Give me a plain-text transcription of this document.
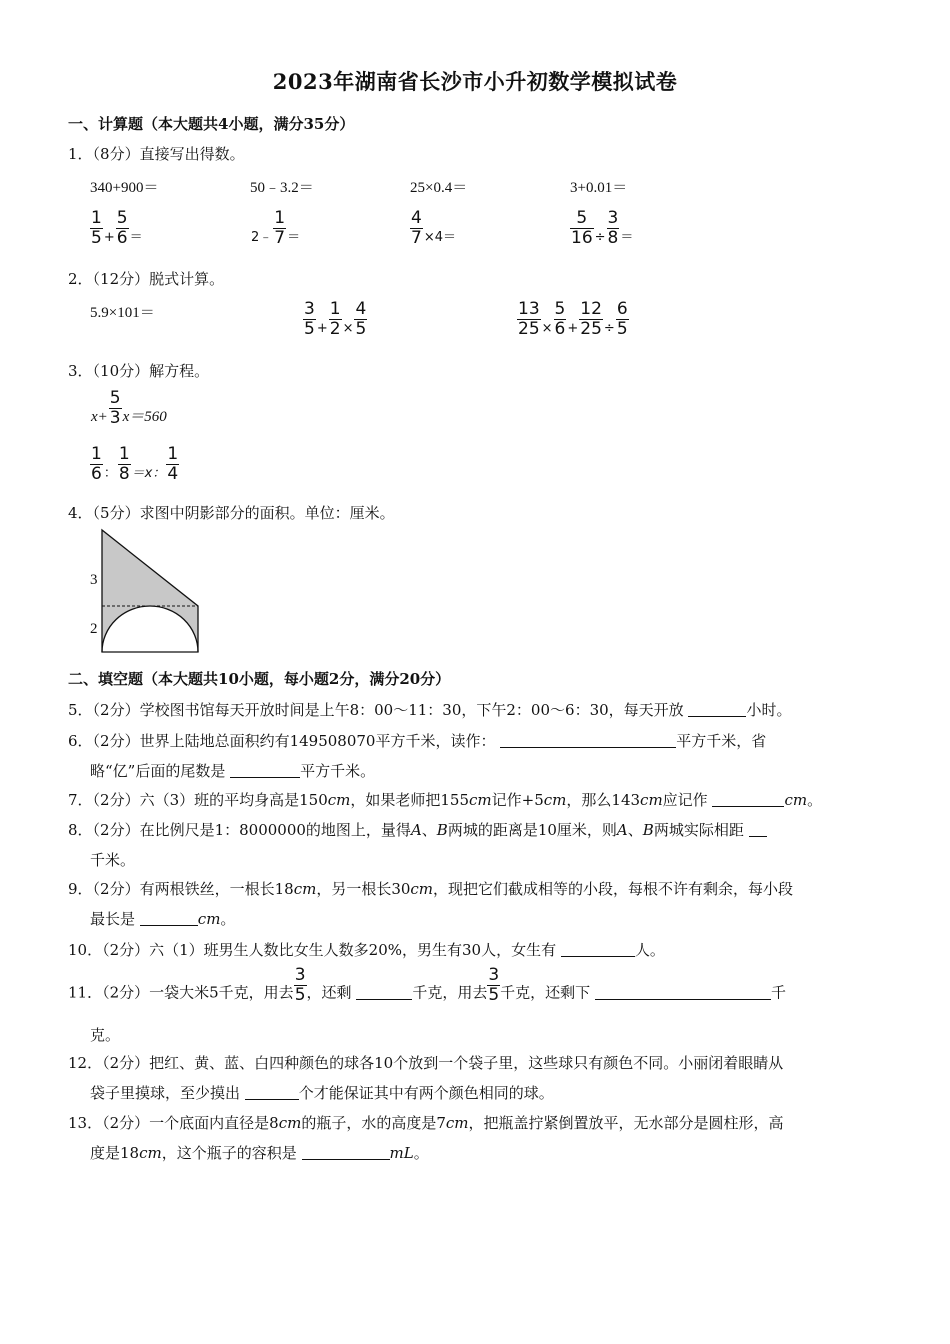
2023年湖南省长沙市小升初数学模拟试卷
一、计算题（本大题共4小题，满分35分）
1．（8分）直接写出得数。
340+900＝	50﹣3.2＝	25×0.4＝	3+0.01＝
$\frac{1}{5} + \frac{5}{6}$ ＝	2﹣ $\frac{1}{7}$ ＝	$\frac{4}{7} \times 4=$	$\frac{5}{16} \div \frac{3}{8}$ ＝
2．（12分）脱式计算。
5.9×101＝	$\frac{3}{5} + \frac{1}{2} \times \frac{4}{5}$	$\frac{13}{25} \times \frac{5}{6} + \frac{12}{25} \div \frac{6}{5}$
3．（10分）解方程。
$x+ \frac{5}{3} x=560$
$\frac{1}{6}$ ： $\frac{1}{8} =x$： $\frac{1}{4}$
4．（5分）求图中阴影部分的面积。单位：厘米。
3
2
二、填空题（本大题共10小题，每小题2分，满分20分）
5．（2分）学校图书馆每天开放时间是上午8：00～11：30，下午2：00～6：30，每天开放	小时。
6．（2分）世界上陆地总面积约有149508070平方千米，读作：	平方千米，省
略“亿”后面的尾数是	平方千米。
7．（2分）六（3）班的平均身高是150cm，如果老师把155cm记作+5cm，那么143cm应记作	cm。
8．（2分）在比例尺是1：8000000的地图上，量得A、B两城的距离是10厘米，则A、B两城实际相距
千米。
9．（2分）有两根铁丝，一根长18cm，另一根长30cm，现把它们截成相等的小段，每根不许有剩余，每小段
最长是	cm。
10．（2分）六（1）班男生人数比女生人数多20%，男生有30人，女生有	人。
11．（2分）一袋大米5千克，用去 $\frac{3}{5}$ ，还剩	千克，用去 $\frac{3}{5}$ 千克，还剩下	千
克。
12．（2分）把红、黄、蓝、白四种颜色的球各10个放到一个袋子里，这些球只有颜色不同。小丽闭着眼睛从
袋子里摸球，至少摸出	个才能保证其中有两个颜色相同的球。
13．（2分）一个底面内直径是8cm的瓶子，水的高度是7cm，把瓶盖拧紧倒置放平，无水部分是圆柱形，高
度是18cm，这个瓶子的容积是	mL。
